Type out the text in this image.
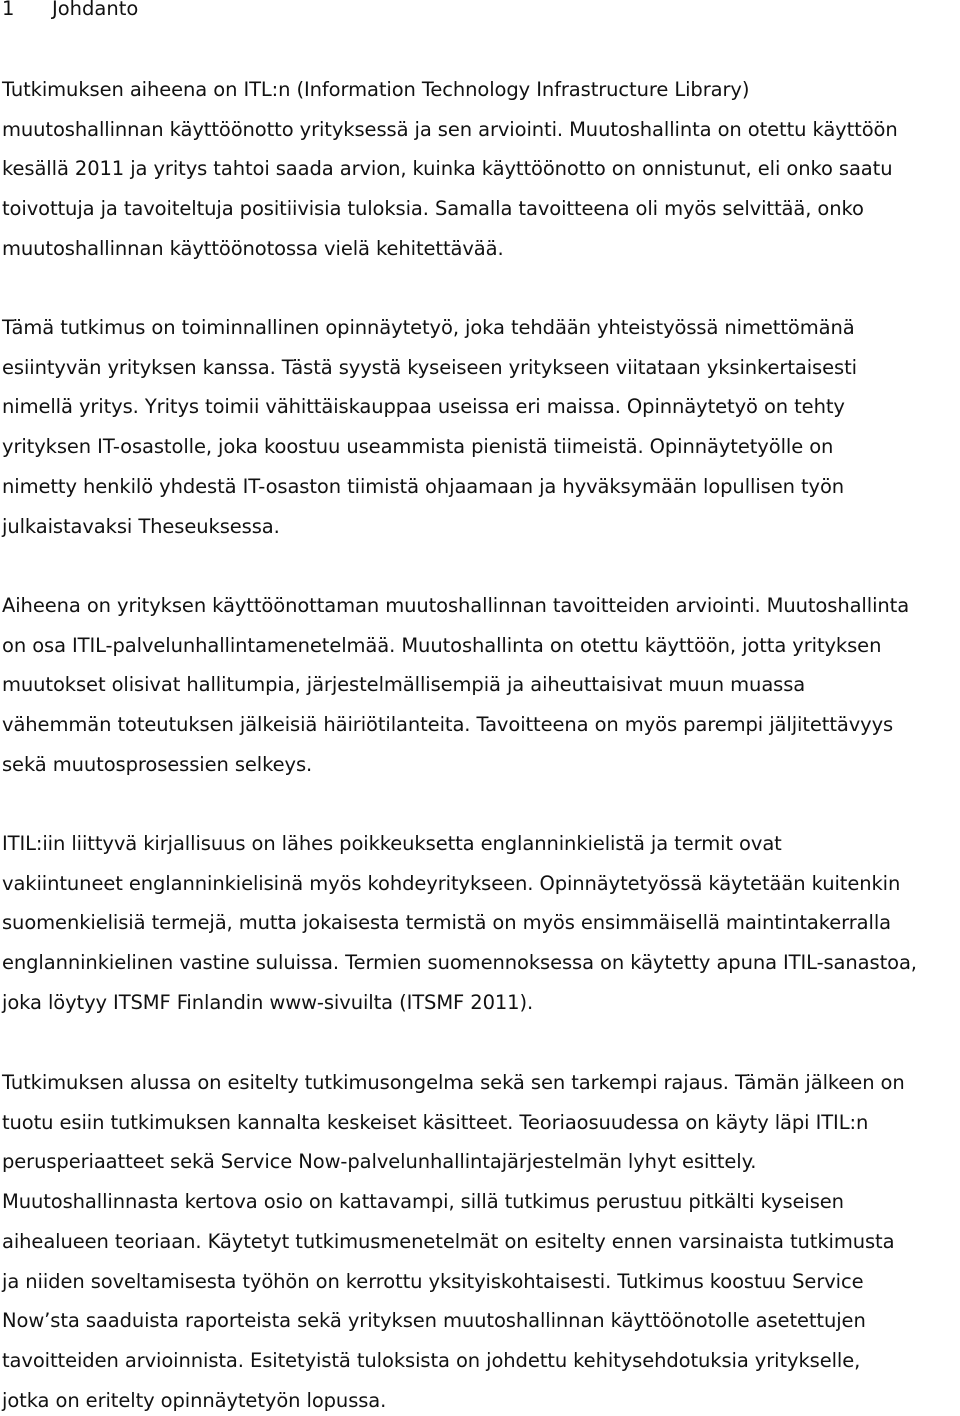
1 Johdanto
Tutkimuksen aiheena on ITL:n (Information Technology Infrastructure Library)
muutoshallinnan käyttöönotto yrityksessä ja sen arviointi. Muutoshallinta on otettu käyttöön
kesällä 2011 ja yritys tahtoi saada arvion, kuinka käyttöönotto on onnistunut, eli onko saatu
toivottuja ja tavoiteltuja positiivisia tuloksia. Samalla tavoitteena oli myös selvittää, onko
muutoshallinnan käyttöönotossa vielä kehitettävää.
Tämä tutkimus on toiminnallinen opinnäytetyö, joka tehdään yhteistyössä nimettömänä
esiintyvän yrityksen kanssa. Tästä syystä kyseiseen yritykseen viitataan yksinkertaisesti
nimellä yritys. Yritys toimii vähittäiskauppaa useissa eri maissa. Opinnäytetyö on tehty
yrityksen IT-osastolle, joka koostuu useammista pienistä tiimeistä. Opinnäytetyölle on
nimetty henkilö yhdestä IT-osaston tiimistä ohjaamaan ja hyväksymään lopullisen työn
julkaistavaksi Theseuksessa.
Aiheena on yrityksen käyttöönottaman muutoshallinnan tavoitteiden arviointi. Muutoshallinta
on osa ITIL-palvelunhallintamenetelmää. Muutoshallinta on otettu käyttöön, jotta yrityksen
muutokset olisivat hallitumpia, järjestelmällisempiä ja aiheuttaisivat muun muassa
vähemmän toteutuksen jälkeisiä häiriötilanteita. Tavoitteena on myös parempi jäljitettävyys
sekä muutosprosessien selkeys.
ITIL:iin liittyvä kirjallisuus on lähes poikkeuksetta englanninkielistä ja termit ovat
vakiintuneet englanninkielisinä myös kohdeyritykseen. Opinnäytetyössä käytetään kuitenkin
suomenkielisiä termejä, mutta jokaisesta termistä on myös ensimmäisellä maintintakerralla
englanninkielinen vastine suluissa. Termien suomennoksessa on käytetty apuna ITIL-sanastoa,
joka löytyy ITSMF Finlandin www-sivuilta (ITSMF 2011).
Tutkimuksen alussa on esitelty tutkimusongelma sekä sen tarkempi rajaus. Tämän jälkeen on
tuotu esiin tutkimuksen kannalta keskeiset käsitteet. Teoriaosuudessa on käyty läpi ITIL:n
perusperiaatteet sekä Service Now-palvelunhallintajärjestelmän lyhyt esittely.
Muutoshallinnasta kertova osio on kattavampi, sillä tutkimus perustuu pitkälti kyseisen
aihealueen teoriaan. Käytetyt tutkimusmenetelmät on esitelty ennen varsinaista tutkimusta
ja niiden soveltamisesta työhön on kerrottu yksityiskohtaisesti. Tutkimus koostuu Service
Now’sta saaduista raporteista sekä yrityksen muutoshallinnan käyttöönotolle asetettujen
tavoitteiden arvioinnista. Esitetyistä tuloksista on johdettu kehitysehdotuksia yritykselle,
jotka on eritelty opinnäytetyön lopussa.
